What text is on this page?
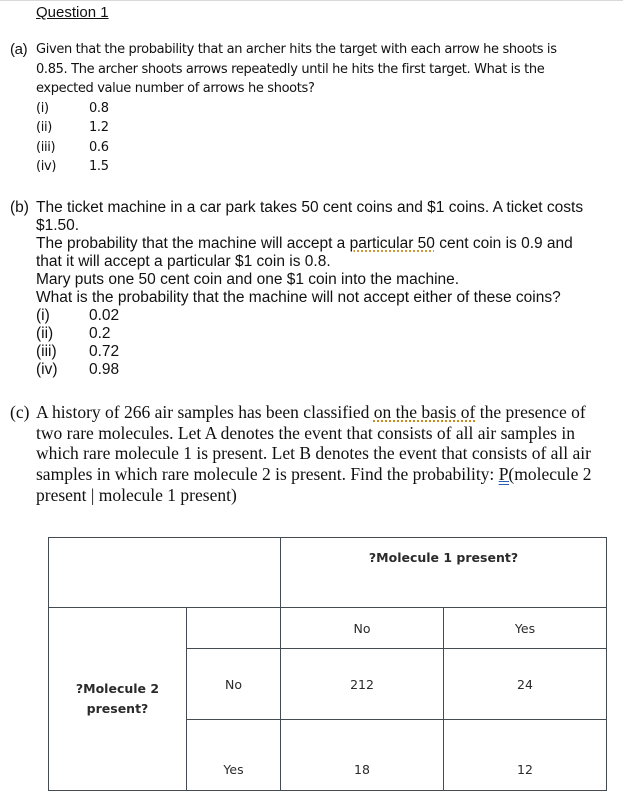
Question 1
(a) Given that the probability that an archer hits the target with each arrow he shoots is
0.85. The archer shoots arrows repeatedly until he hits the first target. What is the
expected value number of arrows he shoots?
(i)	0.8
(ii)	1.2
(iii)	0.6
(iv)	1.5
(b) The ticket machine in a car park takes 50 cent coins and $1 coins. A ticket costs
$1.50.
The probability that the machine will accept a particular 50 cent coin is 0.9 and
that it will accept a particular $1 coin is 0.8.
Mary puts one 50 cent coin and one $1 coin into the machine.
What is the probability that the machine will not accept either of these coins?
(i)	0.02
(ii)	0.2
(iii)	0.72
(iv)	0.98
(c) A history of 266 air samples has been classified on the basis of the presence of
two rare molecules. Let A denotes the event that consists of all air samples in
which rare molecule 1 is present. Let B denotes the event that consists of all air
samples in which rare molecule 2 is present. Find the probability: P(molecule 2
present | molecule 1 present)
		?Molecule 1 present?	

?Molecule 2 present?		No	Yes
	No	212	24
	Yes	18	12
